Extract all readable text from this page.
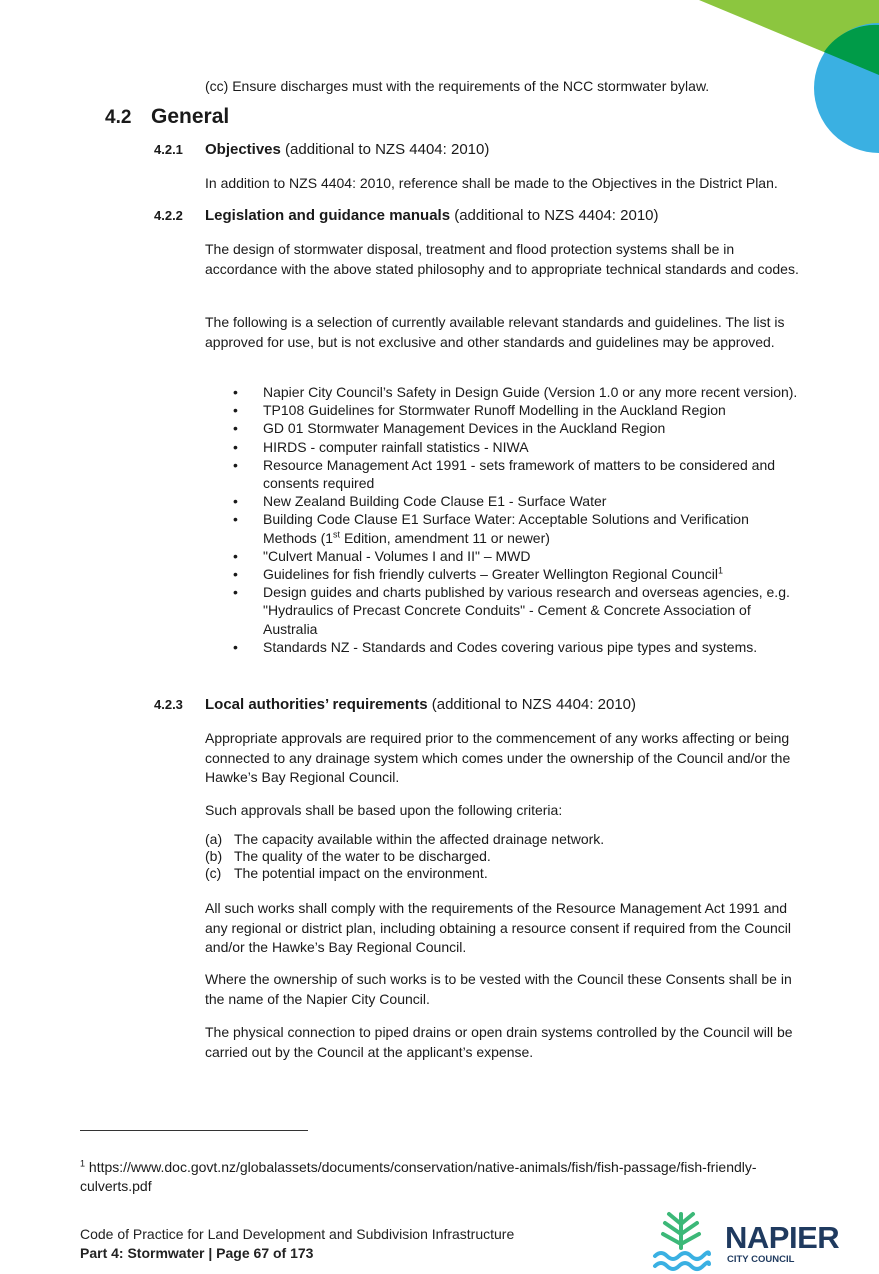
(cc) Ensure discharges must with the requirements of the NCC stormwater bylaw.

4.2 General
4.2.1 Objectives (additional to NZS 4404: 2010)

In addition to NZS 4404: 2010, reference shall be made to the Objectives in the District Plan.

4.2.2 Legislation and guidance manuals (additional to NZS 4404: 2010)

The design of stormwater disposal, treatment and flood protection systems shall be in accordance with the above stated philosophy and to appropriate technical standards and codes.

The following is a selection of currently available relevant standards and guidelines. The list is approved for use, but is not exclusive and other standards and guidelines may be approved.

• Napier City Council’s Safety in Design Guide (Version 1.0 or any more recent version).
• TP108 Guidelines for Stormwater Runoff Modelling in the Auckland Region
• GD 01 Stormwater Management Devices in the Auckland Region
• HIRDS - computer rainfall statistics - NIWA
• Resource Management Act 1991 - sets framework of matters to be considered and consents required
• New Zealand Building Code Clause E1 - Surface Water
• Building Code Clause E1 Surface Water: Acceptable Solutions and Verification Methods (1st Edition, amendment 11 or newer)
• "Culvert Manual - Volumes I and II" – MWD
• Guidelines for fish friendly culverts – Greater Wellington Regional Council$^1$
• Design guides and charts published by various research and overseas agencies, e.g. "Hydraulics of Precast Concrete Conduits" - Cement & Concrete Association of Australia
• Standards NZ - Standards and Codes covering various pipe types and systems.
4.2.3 Local authorities’ requirements (additional to NZS 4404: 2010)

Appropriate approvals are required prior to the commencement of any works affecting or being connected to any drainage system which comes under the ownership of the Council and/or the Hawke’s Bay Regional Council.

Such approvals shall be based upon the following criteria:

(a) The capacity available within the affected drainage network.
(b) The quality of the water to be discharged.
(c) The potential impact on the environment.

All such works shall comply with the requirements of the Resource Management Act 1991 and any regional or district plan, including obtaining a resource consent if required from the Council and/or the Hawke’s Bay Regional Council.

Where the ownership of such works is to be vested with the Council these Consents shall be in the name of the Napier City Council.

The physical connection to piped drains or open drain systems controlled by the Council will be carried out by the Council at the applicant’s expense.

$^1$ https://www.doc.govt.nz/globalassets/documents/conservation/native-animals/fish/fish-passage/fish-friendly-culverts.pdf
Code of Practice for Land Development and Subdivision Infrastructure
Part 4: Stormwater | Page 67 of 173	NAPIER
CITY COUNCIL
